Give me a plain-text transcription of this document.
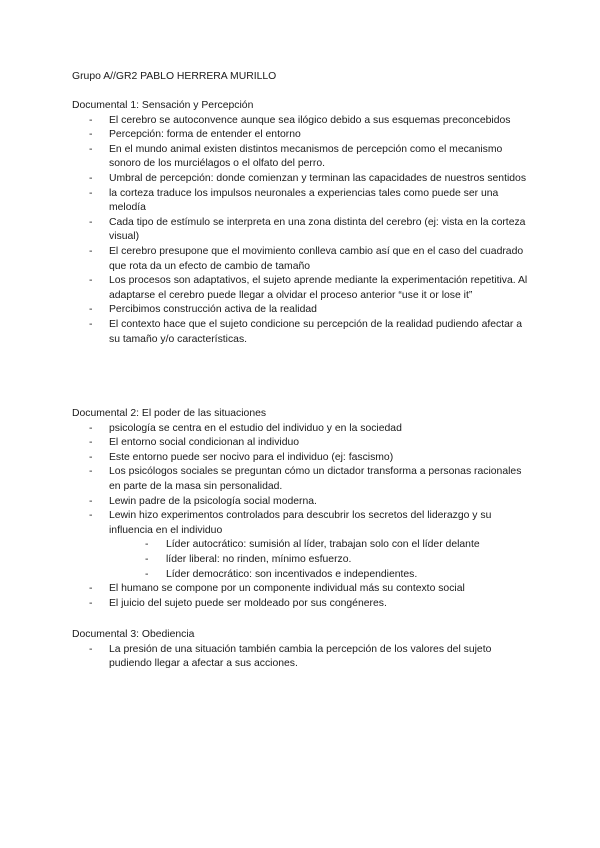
Grupo A//GR2 PABLO HERRERA MURILLO
Documental 1: Sensación y Percepción
- El cerebro se autoconvence aunque sea ilógico debido a sus esquemas preconcebidos
- Percepción: forma de entender el entorno
- En el mundo animal existen distintos mecanismos de percepción como el mecanismo sonoro de los murciélagos o el olfato del perro.
- Umbral de percepción: donde comienzan y terminan las capacidades de nuestros sentidos
- la corteza traduce los impulsos neuronales a experiencias tales como puede ser una melodía
- Cada tipo de estímulo se interpreta en una zona distinta del cerebro (ej: vista en la corteza visual)
- El cerebro presupone que el movimiento conlleva cambio así que en el caso del cuadrado que rota da un efecto de cambio de tamaño
- Los procesos son adaptativos, el sujeto aprende mediante la experimentación repetitiva. Al adaptarse el cerebro puede llegar a olvidar el proceso anterior “use it or lose it”
- Percibimos construcción activa de la realidad
- El contexto hace que el sujeto condicione su percepción de la realidad pudiendo afectar a su tamaño y/o características.
Documental 2: El poder de las situaciones
- psicología se centra en el estudio del individuo y en la sociedad
- El entorno social condicionan al individuo
- Este entorno puede ser nocivo para el individuo (ej: fascismo)
- Los psicólogos sociales se preguntan cómo un dictador transforma a personas racionales en parte de la masa sin personalidad.
- Lewin padre de la psicología social moderna.
- Lewin hizo experimentos controlados para descubrir los secretos del liderazgo y su influencia en el individuo
- Líder autocrático: sumisión al líder, trabajan solo con el líder delante
- líder liberal: no rinden, mínimo esfuerzo.
- Líder democrático: son incentivados e independientes.
- El humano se compone por un componente individual más su contexto social
- El juicio del sujeto puede ser moldeado por sus congéneres.
Documental 3: Obediencia
- La presión de una situación también cambia la percepción de los valores del sujeto pudiendo llegar a afectar a sus acciones.
